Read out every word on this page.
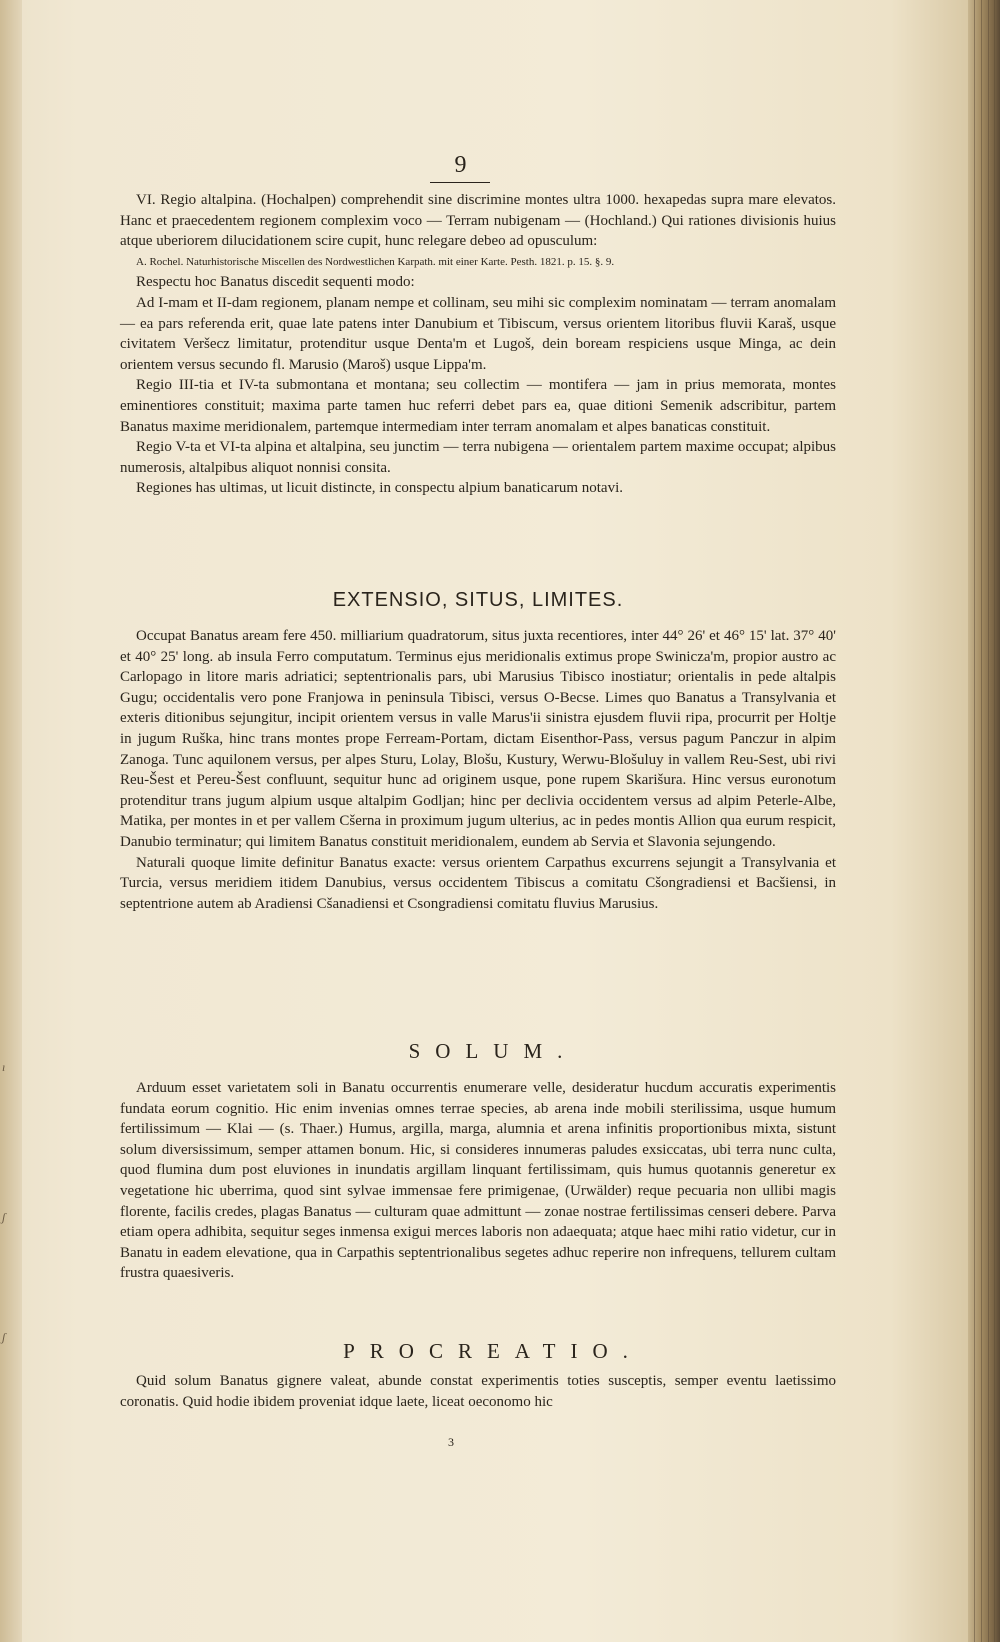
ı
ʃ
ʃ
9

VI. Regio altalpina. (Hochalpen) comprehendit sine discrimine montes ultra 1000. hexapedas supra mare elevatos. Hanc et praecedentem regionem complexim voco — Terram nubigenam — (Hochland.) Qui rationes divisionis huius atque uberiorem dilucidationem scire cupit, hunc relegare debeo ad opusculum:

A. Rochel. Naturhistorische Miscellen des Nordwestlichen Karpath. mit einer Karte. Pesth. 1821. p. 15. §. 9.

Respectu hoc Banatus discedit sequenti modo:

Ad I-mam et II-dam regionem, planam nempe et collinam, seu mihi sic complexim nominatam — terram anomalam — ea pars referenda erit, quae late patens inter Danubium et Tibiscum, versus orientem litoribus fluvii Karaš, usque civitatem Veršecz limitatur, protenditur usque Denta'm et Lugoš, dein boream respiciens usque Minga, ac dein orientem versus secundo fl. Marusio (Maroš) usque Lippa'm.

Regio III-tia et IV-ta submontana et montana; seu collectim — montifera — jam in prius memorata, montes eminentiores constituit; maxima parte tamen huc referri debet pars ea, quae ditioni Semenik adscribitur, partem Banatus maxime meridionalem, partemque intermediam inter terram anomalam et alpes banaticas constituit.

Regio V-ta et VI-ta alpina et altalpina, seu junctim — terra nubigena — orientalem partem maxime occupat; alpibus numerosis, altalpibus aliquot nonnisi consita.

Regiones has ultimas, ut licuit distincte, in conspectu alpium banaticarum notavi.

EXTENSIO, SITUS, LIMITES.

Occupat Banatus aream fere 450. milliarium quadratorum, situs juxta recentiores, inter 44° 26' et 46° 15' lat. 37° 40' et 40° 25' long. ab insula Ferro computatum. Terminus ejus meridionalis extimus prope Swinicza'm, propior austro ac Carlopago in litore maris adriatici; septentrionalis pars, ubi Marusius Tibisco inostiatur; orientalis in pede altalpis Gugu; occidentalis vero pone Franjowa in peninsula Tibisci, versus O-Becse. Limes quo Banatus a Transylvania et exteris ditionibus sejungitur, incipit orientem versus in valle Marus'ii sinistra ejusdem fluvii ripa, procurrit per Holtje in jugum Ruška, hinc trans montes prope Ferream-Portam, dictam Eisenthor-Pass, versus pagum Panczur in alpim Zanoga. Tunc aquilonem versus, per alpes Sturu, Lolay, Blošu, Kustury, Werwu-Blošuluy in vallem Reu-Sest, ubi rivi Reu-Šest et Pereu-Šest confluunt, sequitur hunc ad originem usque, pone rupem Skarišura. Hinc versus euronotum protenditur trans jugum alpium usque altalpim Godljan; hinc per declivia occidentem versus ad alpim Peterle-Albe, Matika, per montes in et per vallem Cšerna in proximum jugum ulterius, ac in pedes montis Allion qua eurum respicit, Danubio terminatur; qui limitem Banatus constituit meridionalem, eundem ab Servia et Slavonia sejungendo.

Naturali quoque limite definitur Banatus exacte: versus orientem Carpathus excurrens sejungit a Transylvania et Turcia, versus meridiem itidem Danubius, versus occidentem Tibiscus a comitatu Cšongradiensi et Bacšiensi, in septentrione autem ab Aradiensi Cšanadiensi et Csongradiensi comitatu fluvius Marusius.

SOLUM.

Arduum esset varietatem soli in Banatu occurrentis enumerare velle, desideratur hucdum accuratis experimentis fundata eorum cognitio. Hic enim invenias omnes terrae species, ab arena inde mobili sterilissima, usque humum fertilissimum — Klai — (s. Thaer.) Humus, argilla, marga, alumnia et arena infinitis proportionibus mixta, sistunt solum diversissimum, semper attamen bonum. Hic, si consideres innumeras paludes exsiccatas, ubi terra nunc culta, quod flumina dum post eluviones in inundatis argillam linquant fertilissimam, quis humus quotannis generetur ex vegetatione hic uberrima, quod sint sylvae immensae fere primigenae, (Urwälder) reque pecuaria non ullibi magis florente, facilis credes, plagas Banatus — culturam quae admittunt — zonae nostrae fertilissimas censeri debere. Parva etiam opera adhibita, sequitur seges inmensa exigui merces laboris non adaequata; atque haec mihi ratio videtur, cur in Banatu in eadem elevatione, qua in Carpathis septentrionalibus segetes adhuc reperire non infrequens, tellurem cultam frustra quaesiveris.

PROCREATIO.

Quid solum Banatus gignere valeat, abunde constat experimentis toties susceptis, semper eventu laetissimo coronatis. Quid hodie ibidem proveniat idque laete, liceat oeconomo hic

3
